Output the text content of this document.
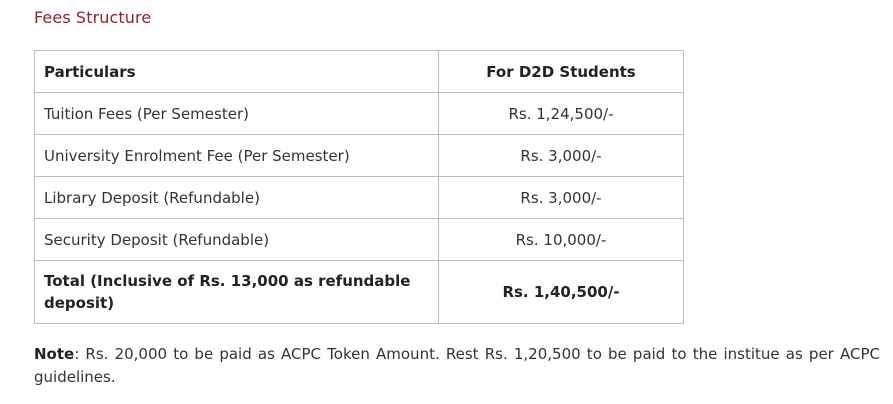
Fees Structure
Particulars	For D2D Students
Tuition Fees (Per Semester)	Rs. 1,24,500/-
University Enrolment Fee (Per Semester)	Rs. 3,000/-
Library Deposit (Refundable)	Rs. 3,000/-
Security Deposit (Refundable)	Rs. 10,000/-
Total (Inclusive of Rs. 13,000 as refundable deposit)	Rs. 1,40,500/-
Note: Rs. 20,000 to be paid as ACPC Token Amount. Rest Rs. 1,20,500 to be paid to the institue as per ACPC guidelines.
